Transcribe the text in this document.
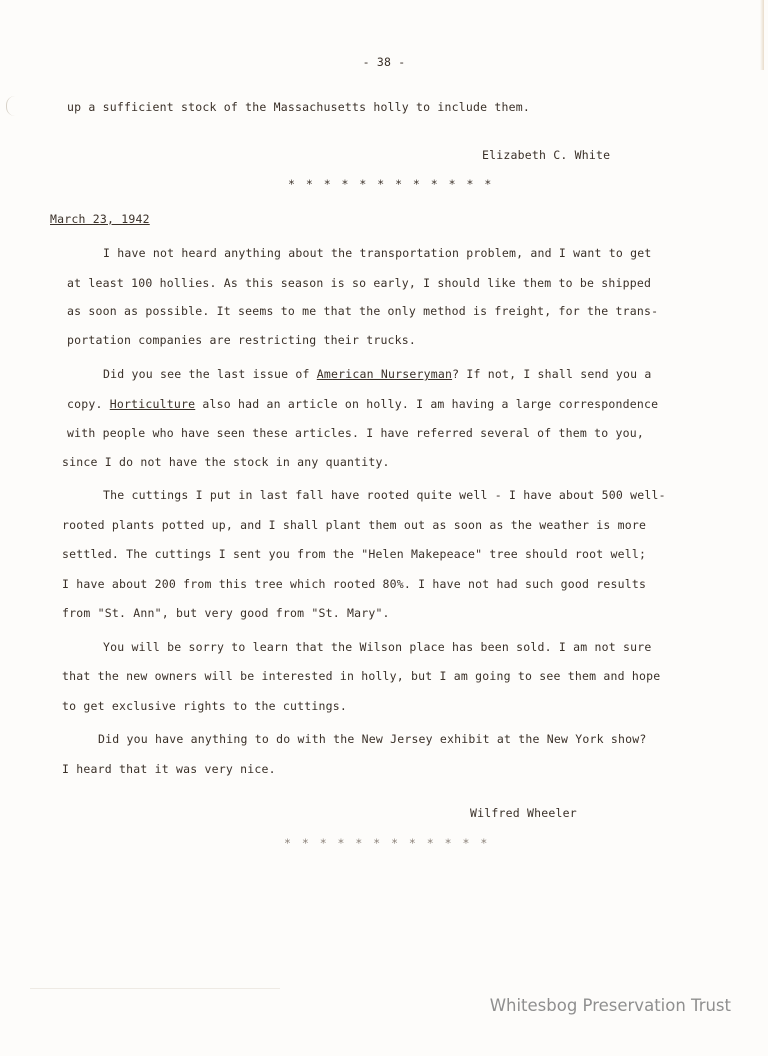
- 38 -
up a sufficient stock of the Massachusetts holly to include them.
Elizabeth C. White
* * * * * * * * * * * *
March 23, 1942
I have not heard anything about the transportation problem, and I want to get
at least 100 hollies. As this season is so early, I should like them to be shipped
as soon as possible. It seems to me that the only method is freight, for the trans-
portation companies are restricting their trucks.
Did you see the last issue of American Nurseryman? If not, I shall send you a
copy. Horticulture also had an article on holly. I am having a large correspondence
with people who have seen these articles. I have referred several of them to you,
since I do not have the stock in any quantity.
The cuttings I put in last fall have rooted quite well - I have about 500 well-
rooted plants potted up, and I shall plant them out as soon as the weather is more
settled. The cuttings I sent you from the "Helen Makepeace" tree should root well;
I have about 200 from this tree which rooted 80%. I have not had such good results
from "St. Ann", but very good from "St. Mary".
You will be sorry to learn that the Wilson place has been sold. I am not sure
that the new owners will be interested in holly, but I am going to see them and hope
to get exclusive rights to the cuttings.
Did you have anything to do with the New Jersey exhibit at the New York show?
I heard that it was very nice.
Wilfred Wheeler
* * * * * * * * * * * *
Whitesbog Preservation Trust
